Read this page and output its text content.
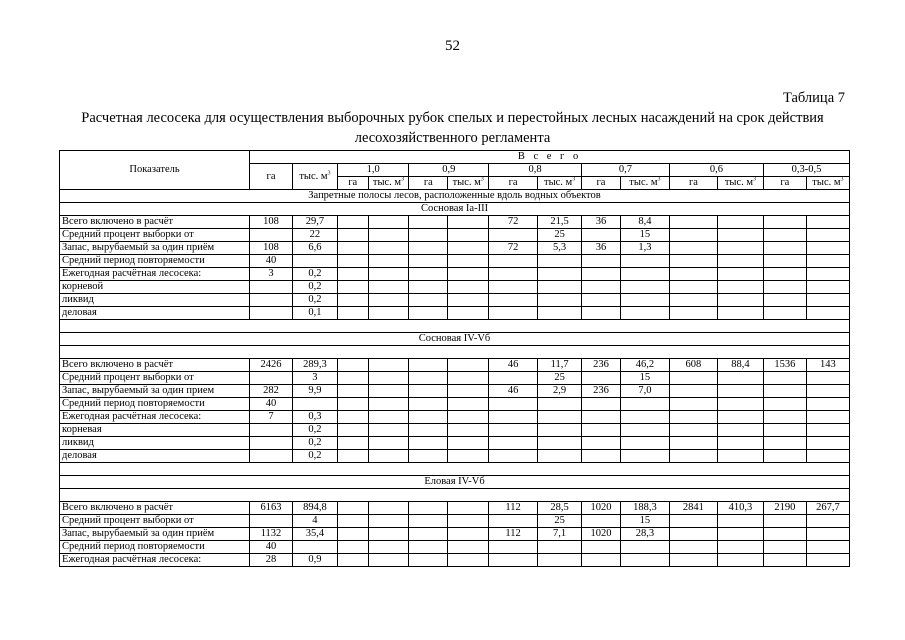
52
Таблица 7
Расчетная лесосека для осуществления выборочных рубок спелых и перестойных лесных насаждений на срок действия
лесохозяйственного регламента
Показатель	В с е г о													
	га	тыс. $м^3$	1,0		0,9		0,8		0,7		0,6		0,3-0,5	
			га	тыс. $м^3$	га	тыс. $м^3$	га	тыс. $м^3$	га	тыс. $м^3$	га	тыс. $м^3$	га	тыс. $м^3$
Запретные полосы лесов, расположенные вдоль водных объектов														
Сосновая Iа-III														
Всего включено в расчёт	108	29,7					72	21,5	36	8,4				
Средний процент выборки от		22						25		15				
Запас, вырубаемый за один приём	108	6,6					72	5,3	36	1,3				
Средний период повторяемости	40													
Ежегодная расчётная лесосека:	3	0,2												
корневой		0,2												
ликвид		0,2												
деловая		0,1												

Сосновая IV-Vб														

Всего включено в расчёт	2426	289,3					46	11,7	236	46,2	608	88,4	1536	143
Средний процент выборки от		3						25		15				
Запас, вырубаемый за один прием	282	9,9					46	2,9	236	7,0				
Средний период повторяемости	40													
Ежегодная расчётная лесосека:	7	0,3												
корневая		0,2												
ликвид		0,2												
деловая		0,2												

Еловая IV-Vб														

Всего включено в расчёт	6163	894,8					112	28,5	1020	188,3	2841	410,3	2190	267,7
Средний процент выборки от		4						25		15				
Запас, вырубаемый за один приём	1132	35,4					112	7,1	1020	28,3				
Средний период повторяемости	40													
Ежегодная расчётная лесосека:	28	0,9												
